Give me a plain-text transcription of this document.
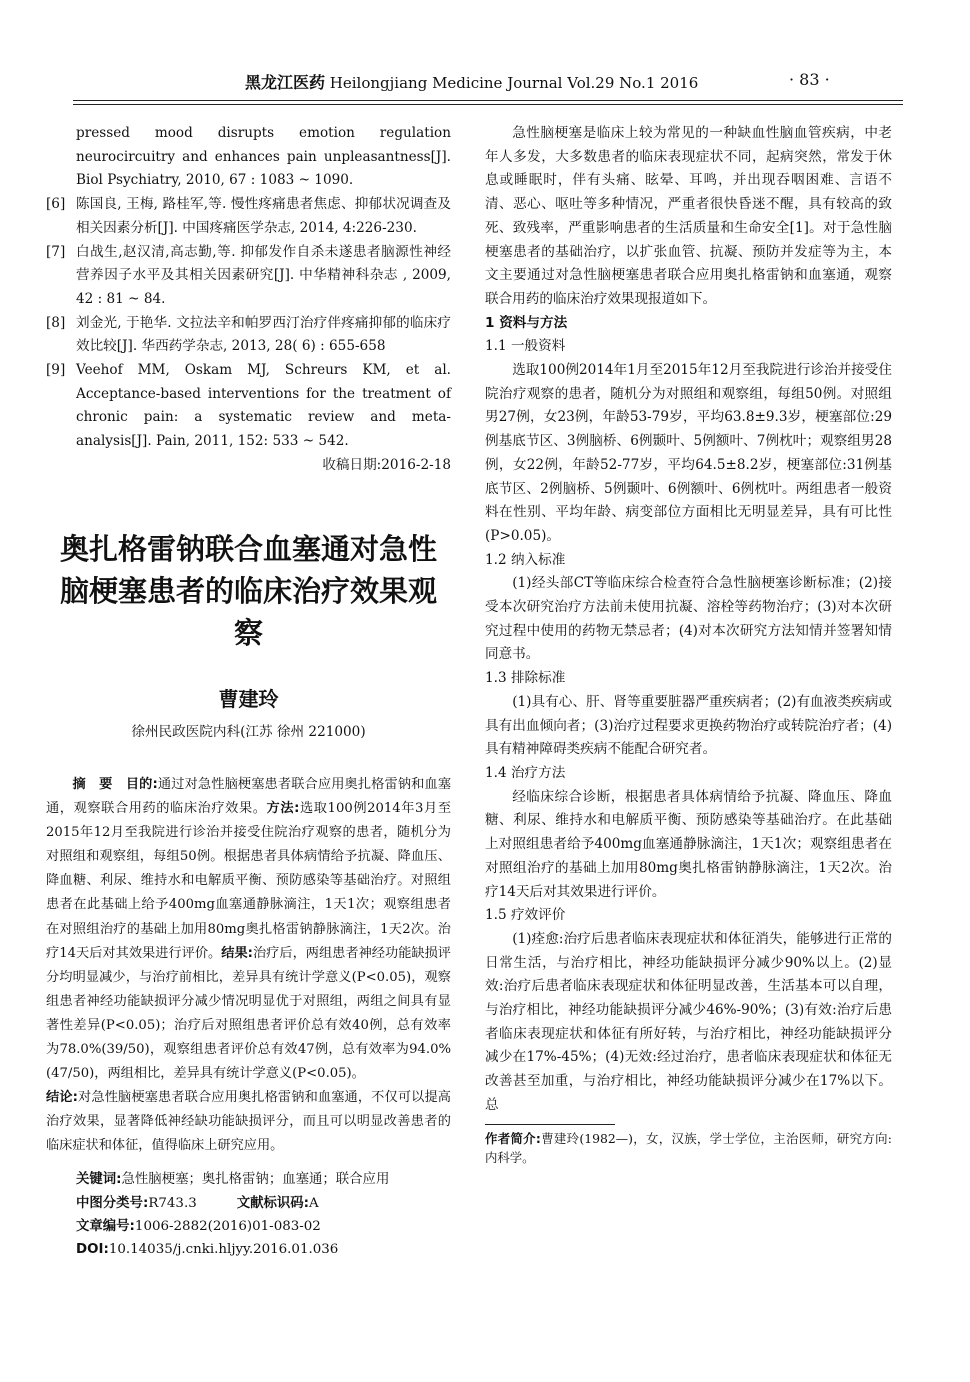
黑龙江医药 Heilongjiang Medicine Journal Vol.29 No.1 2016	· 83 ·
pressed mood disrupts emotion regulation neurocircuitry and enhances pain unpleasantness[J]. Biol Psychiatry, 2010, 67 : 1083 ~ 1090.
[6] 陈国良, 王梅, 路桂军,等. 慢性疼痛患者焦虑、抑郁状况调查及相关因素分析[J]. 中国疼痛医学杂志, 2014, 4:226-230.
[7] 白战生,赵汉清,高志勤,等. 抑郁发作自杀未遂患者脑源性神经营养因子水平及其相关因素研究[J]. 中华精神科杂志 , 2009, 42 : 81 ~ 84.
[8] 刘金光, 于艳华. 文拉法辛和帕罗西汀治疗伴疼痛抑郁的临床疗效比较[J]. 华西药学杂志, 2013, 28( 6) : 655-658
[9] Veehof MM, Oskam MJ, Schreurs KM, et al. Acceptance-based interventions for the treatment of chronic pain: a systematic review and meta-analysis[J]. Pain, 2011, 152: 533 ~ 542.
收稿日期:2016-2-18
奥扎格雷钠联合血塞通对急性脑梗塞患者的临床治疗效果观察
曹建玲
徐州民政医院内科(江苏 徐州 221000)

  摘　要  目的:通过对急性脑梗塞患者联合应用奥扎格雷钠和血塞通，观察联合用药的临床治疗效果。方法:选取100例2014年3月至2015年12月至我院进行诊治并接受住院治疗观察的患者，随机分为对照组和观察组，每组50例。根据患者具体病情给予抗凝、降血压、降血糖、利尿、维持水和电解质平衡、预防感染等基础治疗。对照组患者在此基础上给予400mg血塞通静脉滴注，1天1次；观察组患者在对照组治疗的基础上加用80mg奥扎格雷钠静脉滴注，1天2次。治疗14天后对其效果进行评价。结果:治疗后，两组患者神经功能缺损评分均明显减少，与治疗前相比，差异具有统计学意义(P<0.05)，观察组患者神经功能缺损评分减少情况明显优于对照组，两组之间具有显著性差异(P<0.05)；治疗后对照组患者评价总有效40例，总有效率为78.0%(39/50)，观察组患者评价总有效47例，总有效率为94.0%(47/50)，两组相比，差异具有统计学意义(P<0.05)。

结论:对急性脑梗塞患者联合应用奥扎格雷钠和血塞通，不仅可以提高治疗效果，显著降低神经缺功能缺损评分，而且可以明显改善患者的临床症状和体征，值得临床上研究应用。

关键词:急性脑梗塞；奥扎格雷钠；血塞通；联合应用
中图分类号:R743.3	文献标识码:A
文章编号:1006-2882(2016)01-083-02
DOI:10.14035/j.cnki.hljyy.2016.01.036

急性脑梗塞是临床上较为常见的一种缺血性脑血管疾病，中老年人多发，大多数患者的临床表现症状不同，起病突然，常发于休息或睡眠时，伴有头痛、眩晕、耳鸣，并出现吞咽困难、言语不清、恶心、呕吐等多种情况，严重者很快昏迷不醒，具有较高的致死、致残率，严重影响患者的生活质量和生命安全[1]。对于急性脑梗塞患者的基础治疗，以扩张血管、抗凝、预防并发症等为主，本文主要通过对急性脑梗塞患者联合应用奥扎格雷钠和血塞通，观察联合用药的临床治疗效果现报道如下。

1 资料与方法
1.1 一般资料

选取100例2014年1月至2015年12月至我院进行诊治并接受住院治疗观察的患者，随机分为对照组和观察组，每组50例。对照组男27例，女23例，年龄53-79岁，平均63.8±9.3岁，梗塞部位:29例基底节区、3例脑桥、6例颞叶、5例额叶、7例枕叶；观察组男28例，女22例，年龄52-77岁，平均64.5±8.2岁，梗塞部位:31例基底节区、2例脑桥、5例颞叶、6例额叶、6例枕叶。两组患者一般资料在性别、平均年龄、病变部位方面相比无明显差异，具有可比性(P>0.05)。

1.2 纳入标准

(1)经头部CT等临床综合检查符合急性脑梗塞诊断标准；(2)接受本次研究治疗方法前未使用抗凝、溶栓等药物治疗；(3)对本次研究过程中使用的药物无禁忌者；(4)对本次研究方法知情并签署知情同意书。

1.3 排除标准

(1)具有心、肝、肾等重要脏器严重疾病者；(2)有血液类疾病或具有出血倾向者；(3)治疗过程要求更换药物治疗或转院治疗者；(4)具有精神障碍类疾病不能配合研究者。

1.4 治疗方法

经临床综合诊断，根据患者具体病情给予抗凝、降血压、降血糖、利尿、维持水和电解质平衡、预防感染等基础治疗。在此基础上对照组患者给予400mg血塞通静脉滴注，1天1次；观察组患者在对照组治疗的基础上加用80mg奥扎格雷钠静脉滴注，1天2次。治疗14天后对其效果进行评价。

1.5 疗效评价

(1)痊愈:治疗后患者临床表现症状和体征消失，能够进行正常的日常生活，与治疗相比，神经功能缺损评分减少90%以上。(2)显效:治疗后患者临床表现症状和体征明显改善，生活基本可以自理，与治疗相比，神经功能缺损评分减少46%-90%；(3)有效:治疗后患者临床表现症状和体征有所好转，与治疗相比，神经功能缺损评分减少在17%-45%；(4)无效:经过治疗，患者临床表现症状和体征无改善甚至加重，与治疗相比，神经功能缺损评分减少在17%以下。总

作者简介:曹建玲(1982—)，女，汉族，学士学位，主治医师，研究方向:内科学。
